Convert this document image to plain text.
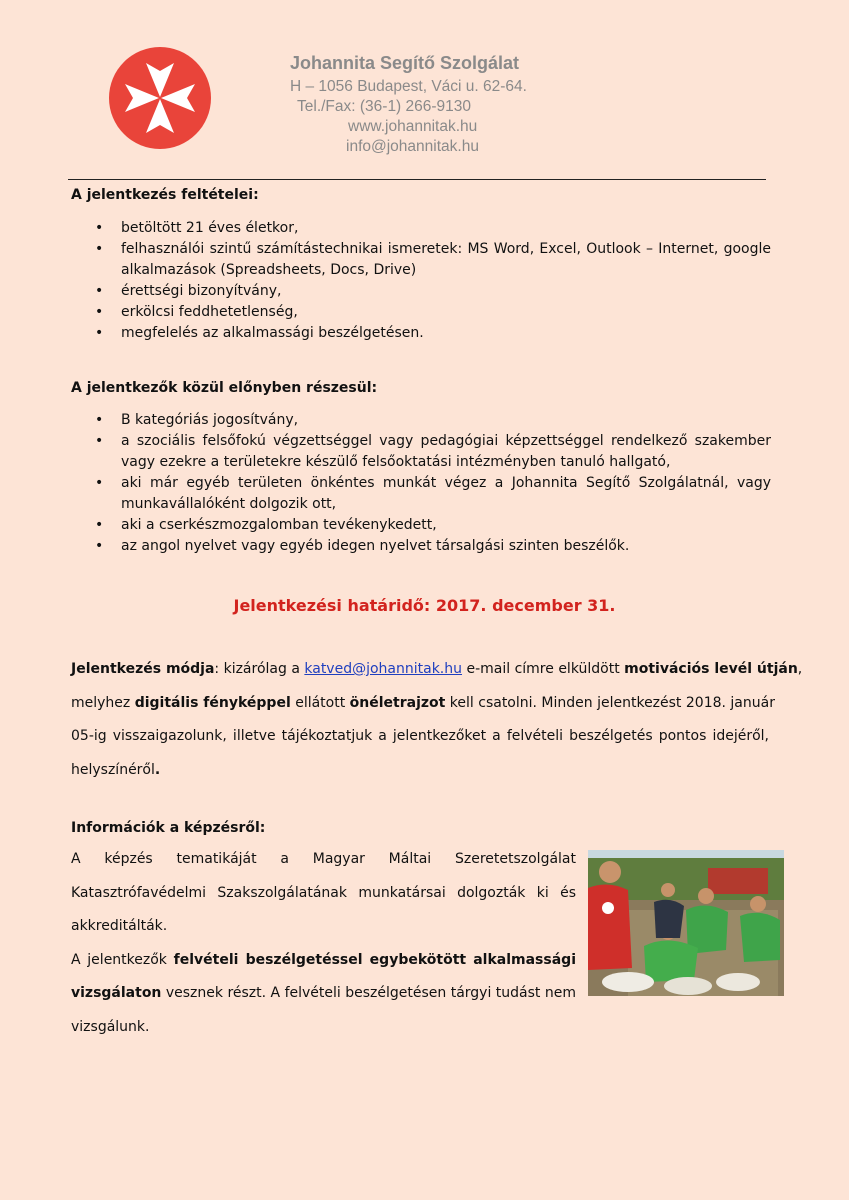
Johannita Segítő Szolgálat
H – 1056 Budapest, Váci u. 62-64.
Tel./Fax: (36-1) 266-9130
www.johannitak.hu
info@johannitak.hu
A jelentkezés feltételei:
• betöltött 21 éves életkor,
• felhasználói szintű számítástechnikai ismeretek: MS Word, Excel, Outlook – Internet, google alkalmazások (Spreadsheets, Docs, Drive)
• érettségi bizonyítvány,
• erkölcsi feddhetetlenség,
• megfelelés az alkalmassági beszélgetésen.
A jelentkezők közül előnyben részesül:
• B kategóriás jogosítvány,
• a szociális felsőfokú végzettséggel vagy pedagógiai képzettséggel rendelkező szakember vagy ezekre a területekre készülő felsőoktatási intézményben tanuló hallgató,
• aki már egyéb területen önkéntes munkát végez a Johannita Segítő Szolgálatnál, vagy munkavállalóként dolgozik ott,
• aki a cserkészmozgalomban tevékenykedett,
• az angol nyelvet vagy egyéb idegen nyelvet társalgási szinten beszélők.
Jelentkezési határidő: 2017. december 31.
Jelentkezés módja: kizárólag a katved@johannitak.hu e-mail címre elküldött motivációs levél útján,
melyhez digitális fényképpel ellátott önéletrajzot kell csatolni. Minden jelentkezést 2018. január
05-ig visszaigazolunk, illetve tájékoztatjuk a jelentkezőket a felvételi beszélgetés pontos idejéről,
helyszínéről.
Információk a képzésről:
A képzés tematikáját a Magyar Máltai Szeretetszolgálat
Katasztrófavédelmi Szakszolgálatának munkatársai dolgozták ki és
akkreditálták.
A jelentkezők felvételi beszélgetéssel egybekötött alkalmassági
vizsgálaton vesznek részt. A felvételi beszélgetésen tárgyi tudást nem
vizsgálunk.
